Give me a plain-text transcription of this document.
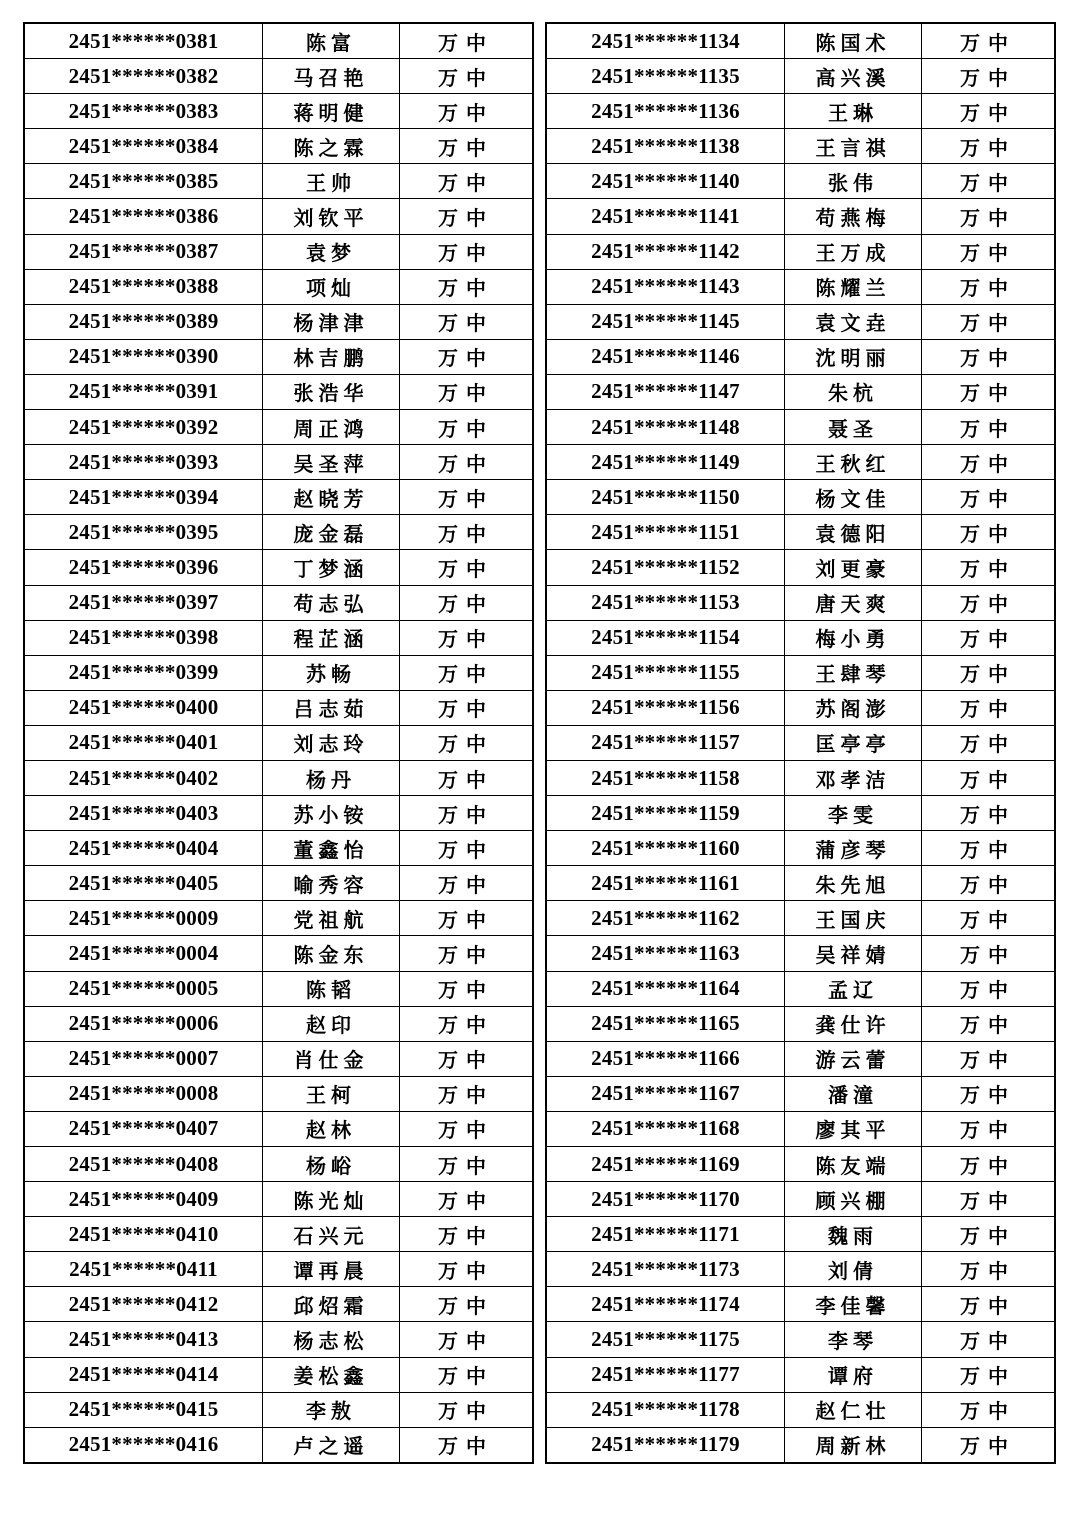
2451******0381	陈富	万中
2451******0382	马召艳	万中
2451******0383	蒋明健	万中
2451******0384	陈之霖	万中
2451******0385	王帅	万中
2451******0386	刘钦平	万中
2451******0387	袁梦	万中
2451******0388	项灿	万中
2451******0389	杨津津	万中
2451******0390	林吉鹏	万中
2451******0391	张浩华	万中
2451******0392	周正鸿	万中
2451******0393	吴圣萍	万中
2451******0394	赵晓芳	万中
2451******0395	庞金磊	万中
2451******0396	丁梦涵	万中
2451******0397	苟志弘	万中
2451******0398	程芷涵	万中
2451******0399	苏畅	万中
2451******0400	吕志茹	万中
2451******0401	刘志玲	万中
2451******0402	杨丹	万中
2451******0403	苏小铵	万中
2451******0404	董鑫怡	万中
2451******0405	喻秀容	万中
2451******0009	党祖航	万中
2451******0004	陈金东	万中
2451******0005	陈韬	万中
2451******0006	赵印	万中
2451******0007	肖仕金	万中
2451******0008	王柯	万中
2451******0407	赵林	万中
2451******0408	杨峪	万中
2451******0409	陈光灿	万中
2451******0410	石兴元	万中
2451******0411	谭再晨	万中
2451******0412	邱炤霜	万中
2451******0413	杨志松	万中
2451******0414	姜松鑫	万中
2451******0415	李敖	万中
2451******0416	卢之遥	万中
2451******1134	陈国术	万中
2451******1135	高兴溪	万中
2451******1136	王琳	万中
2451******1138	王言祺	万中
2451******1140	张伟	万中
2451******1141	苟燕梅	万中
2451******1142	王万成	万中
2451******1143	陈耀兰	万中
2451******1145	袁文垚	万中
2451******1146	沈明丽	万中
2451******1147	朱杭	万中
2451******1148	聂圣	万中
2451******1149	王秋红	万中
2451******1150	杨文佳	万中
2451******1151	袁德阳	万中
2451******1152	刘更豪	万中
2451******1153	唐天爽	万中
2451******1154	梅小勇	万中
2451******1155	王肆琴	万中
2451******1156	苏阁澎	万中
2451******1157	匡亭亭	万中
2451******1158	邓孝洁	万中
2451******1159	李雯	万中
2451******1160	蒲彦琴	万中
2451******1161	朱先旭	万中
2451******1162	王国庆	万中
2451******1163	吴祥婧	万中
2451******1164	孟辽	万中
2451******1165	龚仕许	万中
2451******1166	游云蕾	万中
2451******1167	潘潼	万中
2451******1168	廖其平	万中
2451******1169	陈友端	万中
2451******1170	顾兴棚	万中
2451******1171	魏雨	万中
2451******1173	刘倩	万中
2451******1174	李佳馨	万中
2451******1175	李琴	万中
2451******1177	谭府	万中
2451******1178	赵仁壮	万中
2451******1179	周新林	万中
